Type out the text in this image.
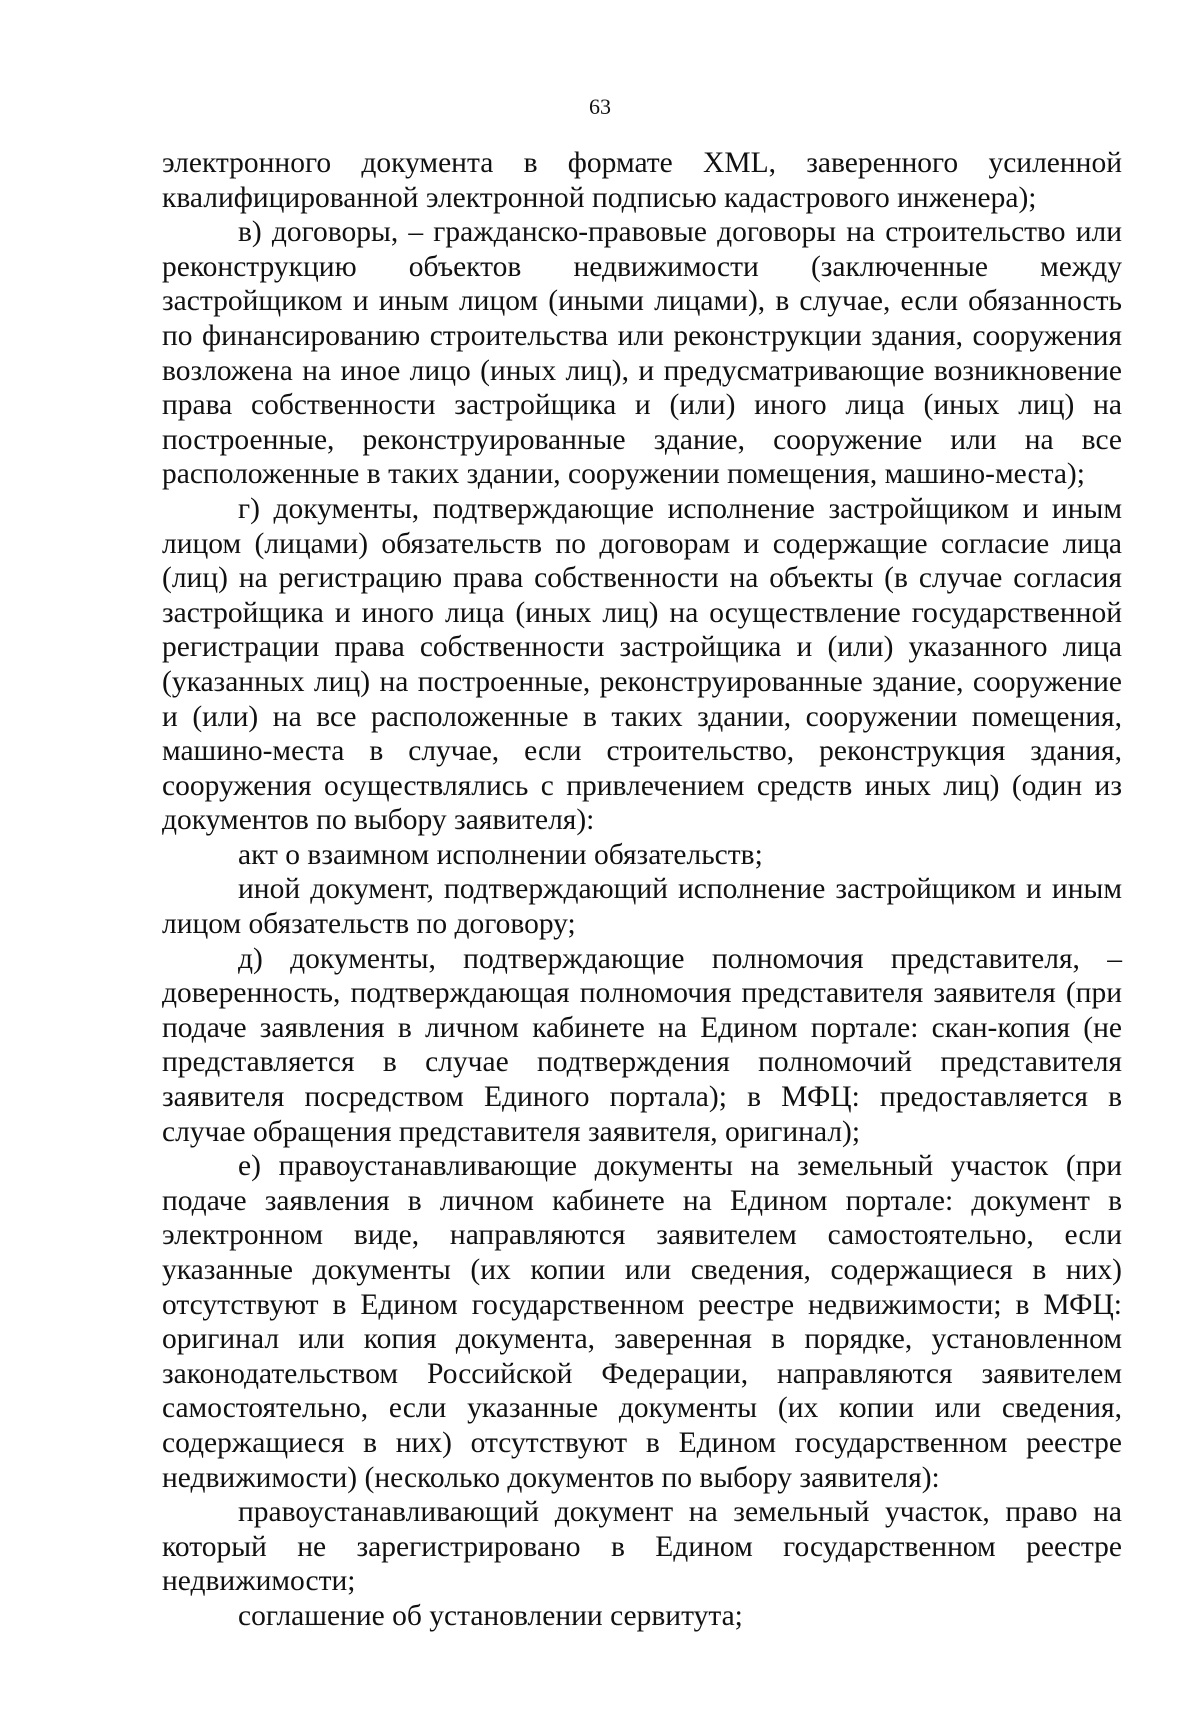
63

электронного документа в формате XML, заверенного усиленной квалифицированной электронной подписью кадастрового инженера);

в) договоры, – гражданско-правовые договоры на строительство или реконструкцию объектов недвижимости (заключенные между застройщиком и иным лицом (иными лицами), в случае, если обязанность по финансированию строительства или реконструкции здания, сооружения возложена на иное лицо (иных лиц), и предусматривающие возникновение права собственности застройщика и (или) иного лица (иных лиц) на построенные, реконструированные здание, сооружение или на все расположенные в таких здании, сооружении помещения, машино-места);

г) документы, подтверждающие исполнение застройщиком и иным лицом (лицами) обязательств по договорам и содержащие согласие лица (лиц) на регистрацию права собственности на объекты (в случае согласия застройщика и иного лица (иных лиц) на осуществление государственной регистрации права собственности застройщика и (или) указанного лица (указанных лиц) на построенные, реконструированные здание, сооружение и (или) на все расположенные в таких здании, сооружении помещения, машино-места в случае, если строительство, реконструкция здания, сооружения осуществлялись с привлечением средств иных лиц) (один из документов по выбору заявителя):

акт о взаимном исполнении обязательств;

иной документ, подтверждающий исполнение застройщиком и иным лицом обязательств по договору;

д) документы, подтверждающие полномочия представителя, – доверенность, подтверждающая полномочия представителя заявителя (при подаче заявления в личном кабинете на Едином портале: скан-копия (не представляется в случае подтверждения полномочий представителя заявителя посредством Единого портала); в МФЦ: предоставляется в случае обращения представителя заявителя, оригинал);

е) правоустанавливающие документы на земельный участок (при подаче заявления в личном кабинете на Едином портале: документ в электронном виде, направляются заявителем самостоятельно, если указанные документы (их копии или сведения, содержащиеся в них) отсутствуют в Едином государственном реестре недвижимости; в МФЦ: оригинал или копия документа, заверенная в порядке, установленном законодательством Российской Федерации, направляются заявителем самостоятельно, если указанные документы (их копии или сведения, содержащиеся в них) отсутствуют в Едином государственном реестре недвижимости) (несколько документов по выбору заявителя):

правоустанавливающий документ на земельный участок, право на который не зарегистрировано в Едином государственном реестре недвижимости;

соглашение об установлении сервитута;
